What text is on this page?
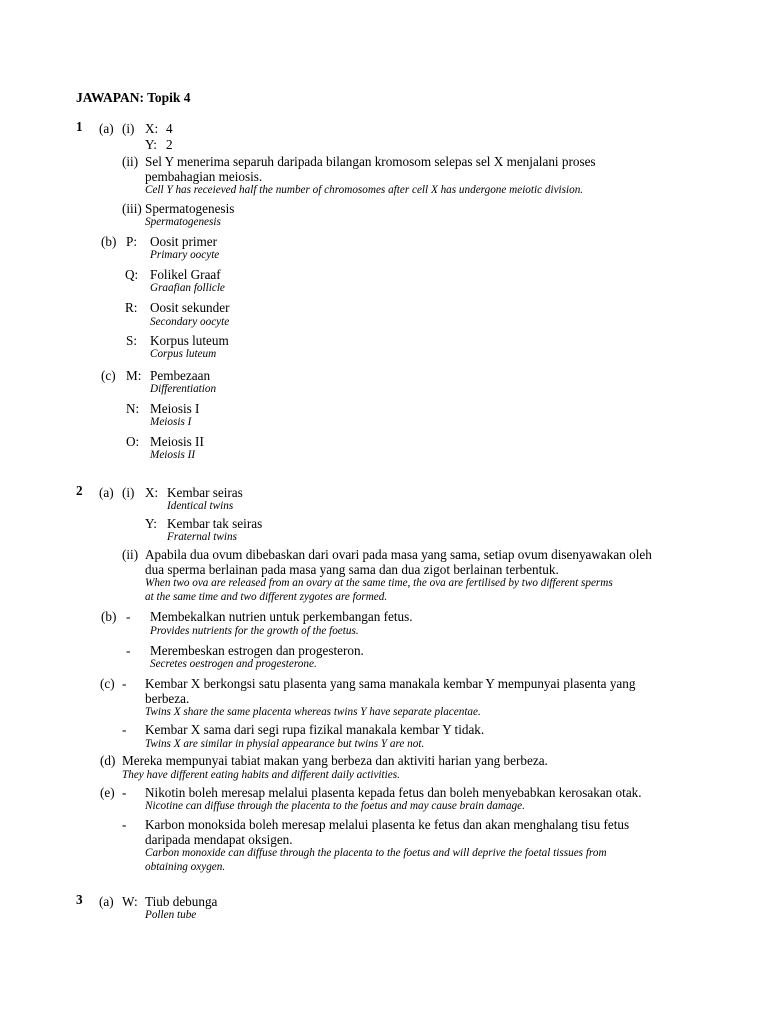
JAWAPAN: Topik 4
1 (a) (i) X: 4
Y: 2
(ii) Sel Y menerima separuh daripada bilangan kromosom selepas sel X menjalani proses
pembahagian meiosis.
Cell Y has receieved half the number of chromosomes after cell X has undergone meiotic division.
(iii) Spermatogenesis
Spermatogenesis
(b) P: Oosit primer
Primary oocyte
Q: Folikel Graaf
Graafian follicle
R: Oosit sekunder
Secondary oocyte
S: Korpus luteum
Corpus luteum
(c) M: Pembezaan
Differentiation
N: Meiosis I
Meiosis I
O: Meiosis II
Meiosis II
2 (a) (i) X: Kembar seiras
Identical twins
Y: Kembar tak seiras
Fraternal twins
(ii) Apabila dua ovum dibebaskan dari ovari pada masa yang sama, setiap ovum disenyawakan oleh
dua sperma berlainan pada masa yang sama dan dua zigot berlainan terbentuk.
When two ova are released from an ovary at the same time, the ova are fertilised by two different sperms
at the same time and two different zygotes are formed.
(b) - Membekalkan nutrien untuk perkembangan fetus.
Provides nutrients for the growth of the foetus.
- Merembeskan estrogen dan progesteron.
Secretes oestrogen and progesterone.
(c) - Kembar X berkongsi satu plasenta yang sama manakala kembar Y mempunyai plasenta yang
berbeza.
Twins X share the same placenta whereas twins Y have separate placentae.
- Kembar X sama dari segi rupa fizikal manakala kembar Y tidak.
Twins X are similar in physial appearance but twins Y are not.
(d) Mereka mempunyai tabiat makan yang berbeza dan aktiviti harian yang berbeza.
They have different eating habits and different daily activities.
(e) - Nikotin boleh meresap melalui plasenta kepada fetus dan boleh menyebabkan kerosakan otak.
Nicotine can diffuse through the placenta to the foetus and may cause brain damage.
- Karbon monoksida boleh meresap melalui plasenta ke fetus dan akan menghalang tisu fetus
daripada mendapat oksigen.
Carbon monoxide can diffuse through the placenta to the foetus and will deprive the foetal tissues from
obtaining oxygen.
3 (a) W: Tiub debunga
Pollen tube
